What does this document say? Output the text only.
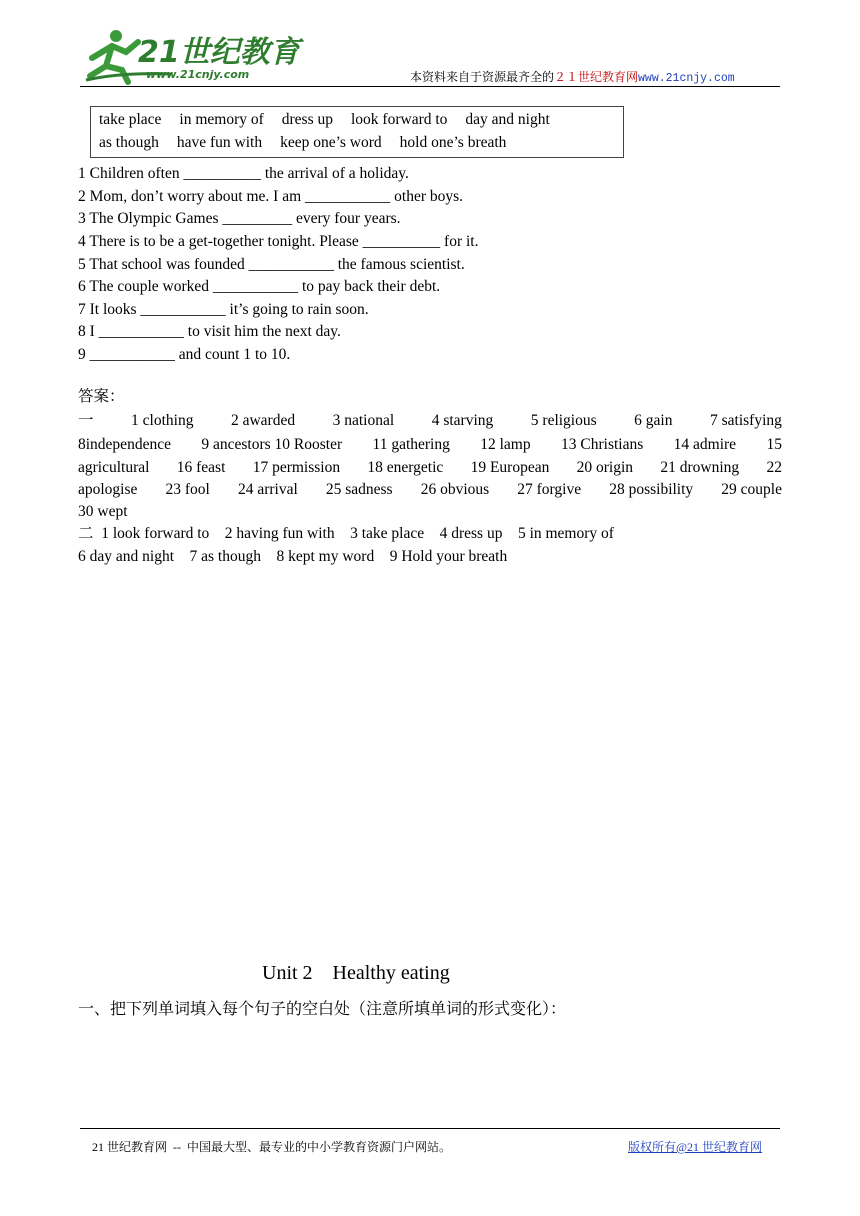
21世纪教育
www.21cnjy.com	本资料来自于资源最齐全的２１世纪教育网www.21cnjy.com
take place in memory of dress up look forward to day and night
as though have fun with keep one’s word hold one’s breath
1 Children often __________ the arrival of a holiday.
2 Mom, don’t worry about me. I am ___________ other boys.
3 The Olympic Games _________ every four years.
4 There is to be a get-together tonight. Please __________ for it.
5 That school was founded ___________ the famous scientist.
6 The couple worked ___________ to pay back their debt.
7 It looks ___________ it’s going to rain soon.
8 I ___________ to visit him the next day.
9 ___________ and count 1 to 10.
答案：
一 1 clothing 2 awarded 3 national 4 starving 5 religious 6 gain 7 satisfying
8independence 9 ancestors 10 Rooster 11 gathering 12 lamp 13 Christians 14 admire 15
agricultural 16 feast 17 permission 18 energetic 19 European 20 origin 21 drowning 22
apologise 23 fool 24 arrival 25 sadness 26 obvious 27 forgive 28 possibility 29 couple
30 wept
二  1 look forward to    2 having fun with    3 take place    4 dress up    5 in memory of
6 day and night    7 as though    8 kept my word    9 Hold your breath
Unit 2    Healthy eating
一、把下列单词填入每个句子的空白处（注意所填单词的形式变化）：
21 世纪教育网  --  中国最大型、最专业的中小学教育资源门户网站。	版权所有@21 世纪教育网
